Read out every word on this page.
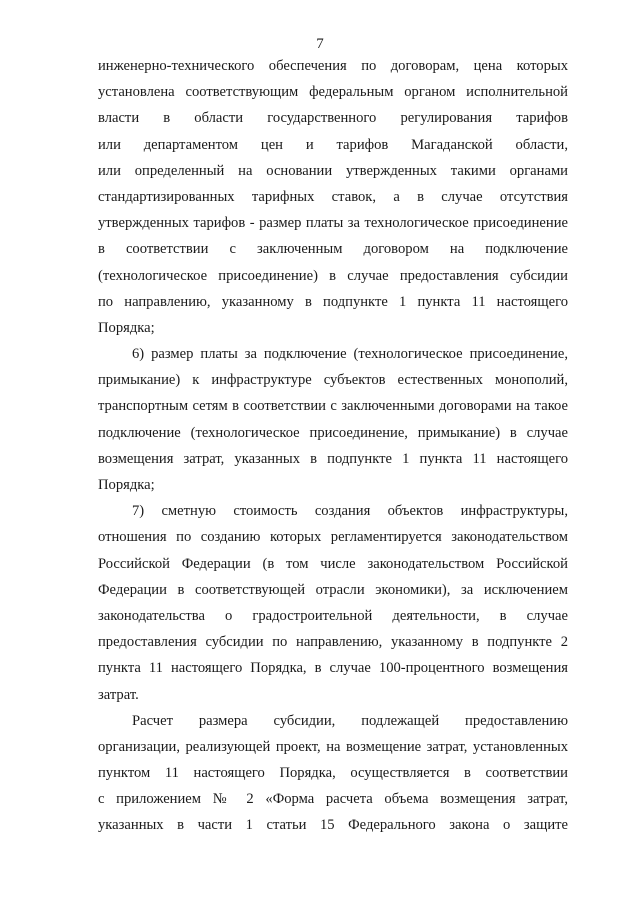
7
инженерно-технического обеспечения по договорам, цена которых
установлена соответствующим федеральным органом исполнительной
власти в области государственного регулирования тарифов
или департаментом цен и тарифов Магаданской области,
или определенный на основании утвержденных такими органами
стандартизированных тарифных ставок, а в случае отсутствия
утвержденных тарифов - размер платы за технологическое присоединение
в соответствии с заключенным договором на подключение
(технологическое присоединение) в случае предоставления субсидии
по направлению, указанному в подпункте 1 пункта 11 настоящего
Порядка;
6) размер платы за подключение (технологическое присоединение,
примыкание) к инфраструктуре субъектов естественных монополий,
транспортным сетям в соответствии с заключенными договорами на такое
подключение (технологическое присоединение, примыкание) в случае
возмещения затрат, указанных в подпункте 1 пункта 11 настоящего
Порядка;
7) сметную стоимость создания объектов инфраструктуры,
отношения по созданию которых регламентируется законодательством
Российской Федерации (в том числе законодательством Российской
Федерации в соответствующей отрасли экономики), за исключением
законодательства о градостроительной деятельности, в случае
предоставления субсидии по направлению, указанному в подпункте 2
пункта 11 настоящего Порядка, в случае 100-процентного возмещения
затрат.
Расчет размера субсидии, подлежащей предоставлению
организации, реализующей проект, на возмещение затрат, установленных
пунктом 11 настоящего Порядка, осуществляется в соответствии
с приложением № 2 «Форма расчета объема возмещения затрат,
указанных в части 1 статьи 15 Федерального закона о защите
